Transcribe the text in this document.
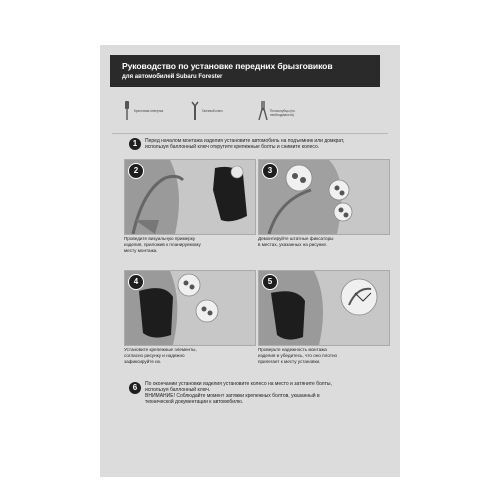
Руководство по установке передних брызговиков
для автомобилей Subaru Forester
Крестовая отвертка	Гаечный ключ	Плоскогубцы (по необходимости)
1	Перед началом монтажа изделия установите автомобиль на подъемник или домкрат,
используя баллонный ключ открутите крепежные болты и снимите колесо.
2
Проведите визуальную примерку
изделия, приложив к планируемому
месту монтажа.
3
Демонтируйте штатные фиксаторы
в местах, указанных на рисунке.
4
Установите крепежные элементы,
согласно рисунку и надежно
зафиксируйте их.
5
Проверьте надежность монтажа
изделия и убедитесь, что оно плотно
прилегает к месту установки.
6	По окончании установки изделия установите колесо на место и затяните болты,
используя баллонный ключ.
ВНИМАНИЕ! Соблюдайте момент затяжки крепежных болтов, указанный в
технической документации к автомобилю.
